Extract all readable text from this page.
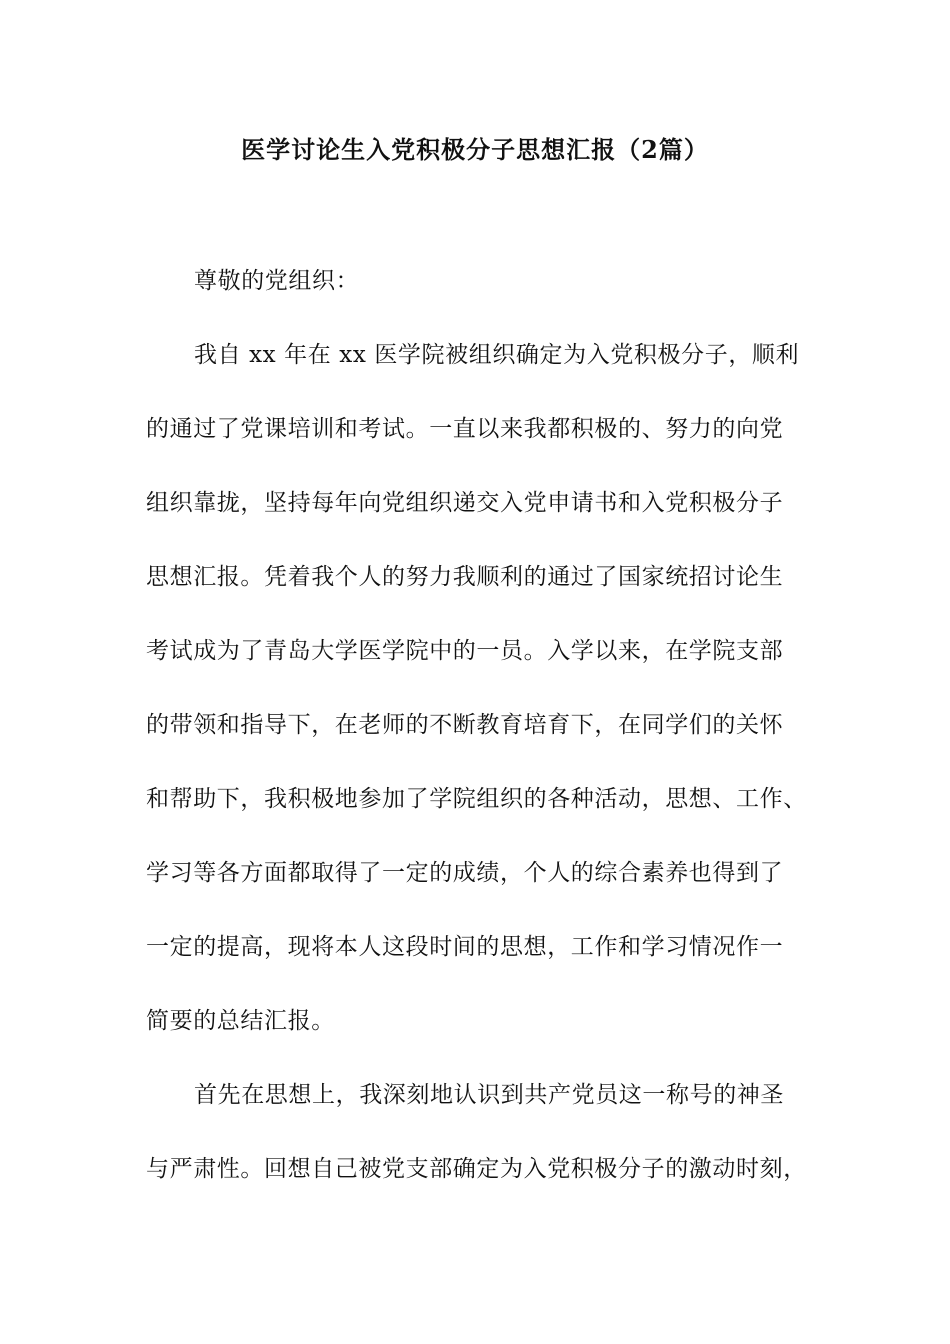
医学讨论生入党积极分子思想汇报（2篇）
尊敬的党组织：
我自 xx 年在 xx 医学院被组织确定为入党积极分子，顺利
的通过了党课培训和考试。一直以来我都积极的、努力的向党
组织靠拢，坚持每年向党组织递交入党申请书和入党积极分子
思想汇报。凭着我个人的努力我顺利的通过了国家统招讨论生
考试成为了青岛大学医学院中的一员。入学以来，在学院支部
的带领和指导下，在老师的不断教育培育下，在同学们的关怀
和帮助下，我积极地参加了学院组织的各种活动，思想、工作、
学习等各方面都取得了一定的成绩，个人的综合素养也得到了
一定的提高，现将本人这段时间的思想，工作和学习情况作一
简要的总结汇报。
首先在思想上，我深刻地认识到共产党员这一称号的神圣
与严肃性。回想自己被党支部确定为入党积极分子的激动时刻，
